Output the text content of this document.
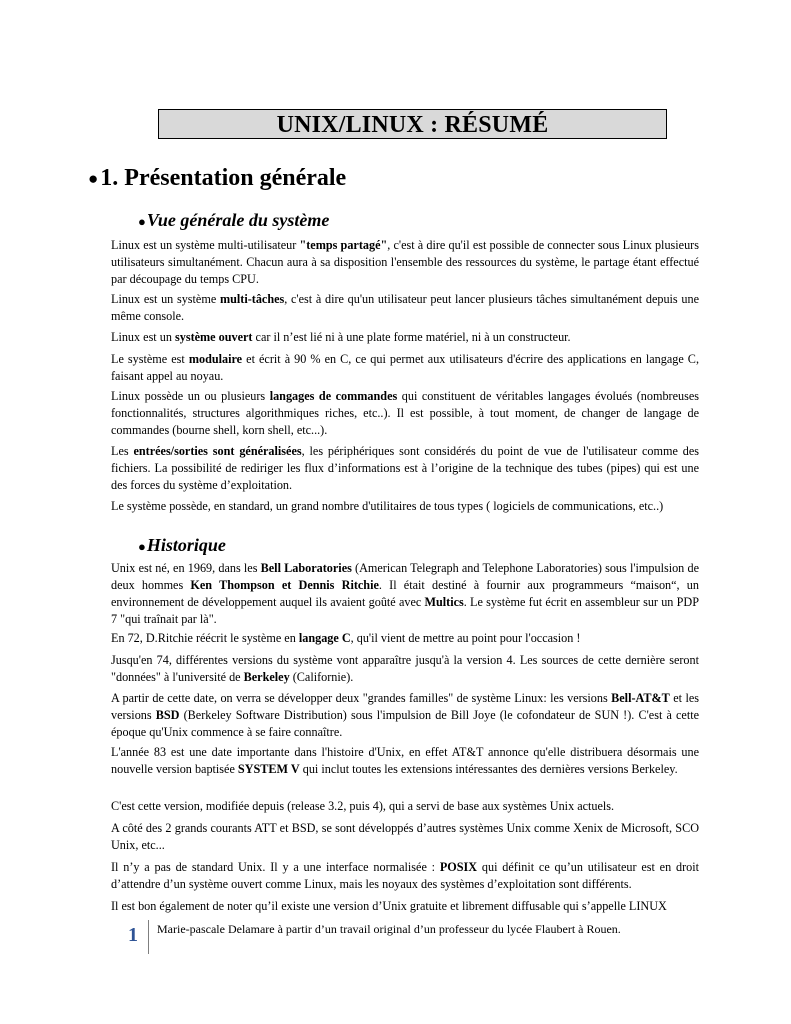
UNIX/LINUX : RÉSUMÉ
●1. Présentation générale
●Vue générale du système

Linux est un système multi-utilisateur "temps partagé", c'est à dire qu'il est possible de connecter sous Linux plusieurs utilisateurs simultanément. Chacun aura à sa disposition l'ensemble des ressources du système, le partage étant effectué par découpage du temps CPU.

Linux est un système multi-tâches, c'est à dire qu'un utilisateur peut lancer plusieurs tâches simultanément depuis une même console.

Linux est un système ouvert car il n’est lié ni à une plate forme matériel, ni à un constructeur.

Le système est modulaire et écrit à 90 % en C, ce qui permet aux utilisateurs d'écrire des applications en langage C, faisant appel au noyau.

Linux possède un ou plusieurs langages de commandes qui constituent de véritables langages évolués (nombreuses fonctionnalités, structures algorithmiques riches, etc..). Il est possible, à tout moment, de changer de langage de commandes (bourne shell, korn shell, etc...).

Les entrées/sorties sont généralisées, les périphériques sont considérés du point de vue de l'utilisateur comme des fichiers. La possibilité de rediriger les flux d’informations est à l’origine de la technique des tubes (pipes) qui est une des forces du système d’exploitation.

Le système possède, en standard, un grand nombre d'utilitaires de tous types ( logiciels de communications, etc..)

●Historique

Unix est né, en 1969, dans les Bell Laboratories (American Telegraph and Telephone Laboratories) sous l'impulsion de deux hommes Ken Thompson et Dennis Ritchie. Il était destiné à fournir aux programmeurs “maison“, un environnement de développement auquel ils avaient goûté avec Multics. Le système fut écrit en assembleur sur un PDP 7 "qui traînait par là".

En 72, D.Ritchie réécrit le système en langage C, qu'il vient de mettre au point pour l'occasion !

Jusqu'en 74, différentes versions du système vont apparaître jusqu'à la version 4. Les sources de cette dernière seront "données" à l'université de Berkeley (Californie).

A partir de cette date, on verra se développer deux "grandes familles" de système Linux: les versions Bell-AT&T et les versions BSD (Berkeley Software Distribution) sous l'impulsion de Bill Joye (le cofondateur de SUN !). C'est à cette époque qu'Unix commence à se faire connaître.

L'année 83 est une date importante dans l'histoire d'Unix, en effet AT&T annonce qu'elle distribuera désormais une nouvelle version baptisée SYSTEM V qui inclut toutes les extensions intéressantes des dernières versions Berkeley.

C'est cette version, modifiée depuis (release 3.2, puis 4), qui a servi de base aux systèmes Unix actuels.

A côté des 2 grands courants ATT et BSD, se sont développés d’autres systèmes Unix comme Xenix de Microsoft, SCO Unix, etc...

Il n’y a pas de standard Unix. Il y a une interface normalisée : POSIX qui définit ce qu’un utilisateur est en droit d’attendre d’un système ouvert comme Linux, mais les noyaux des systèmes d’exploitation sont différents.

Il est bon également de noter qu’il existe une version d’Unix gratuite et librement diffusable qui s’appelle LINUX

1 Marie-pascale Delamare à partir d’un travail original d’un professeur du lycée Flaubert à Rouen.
